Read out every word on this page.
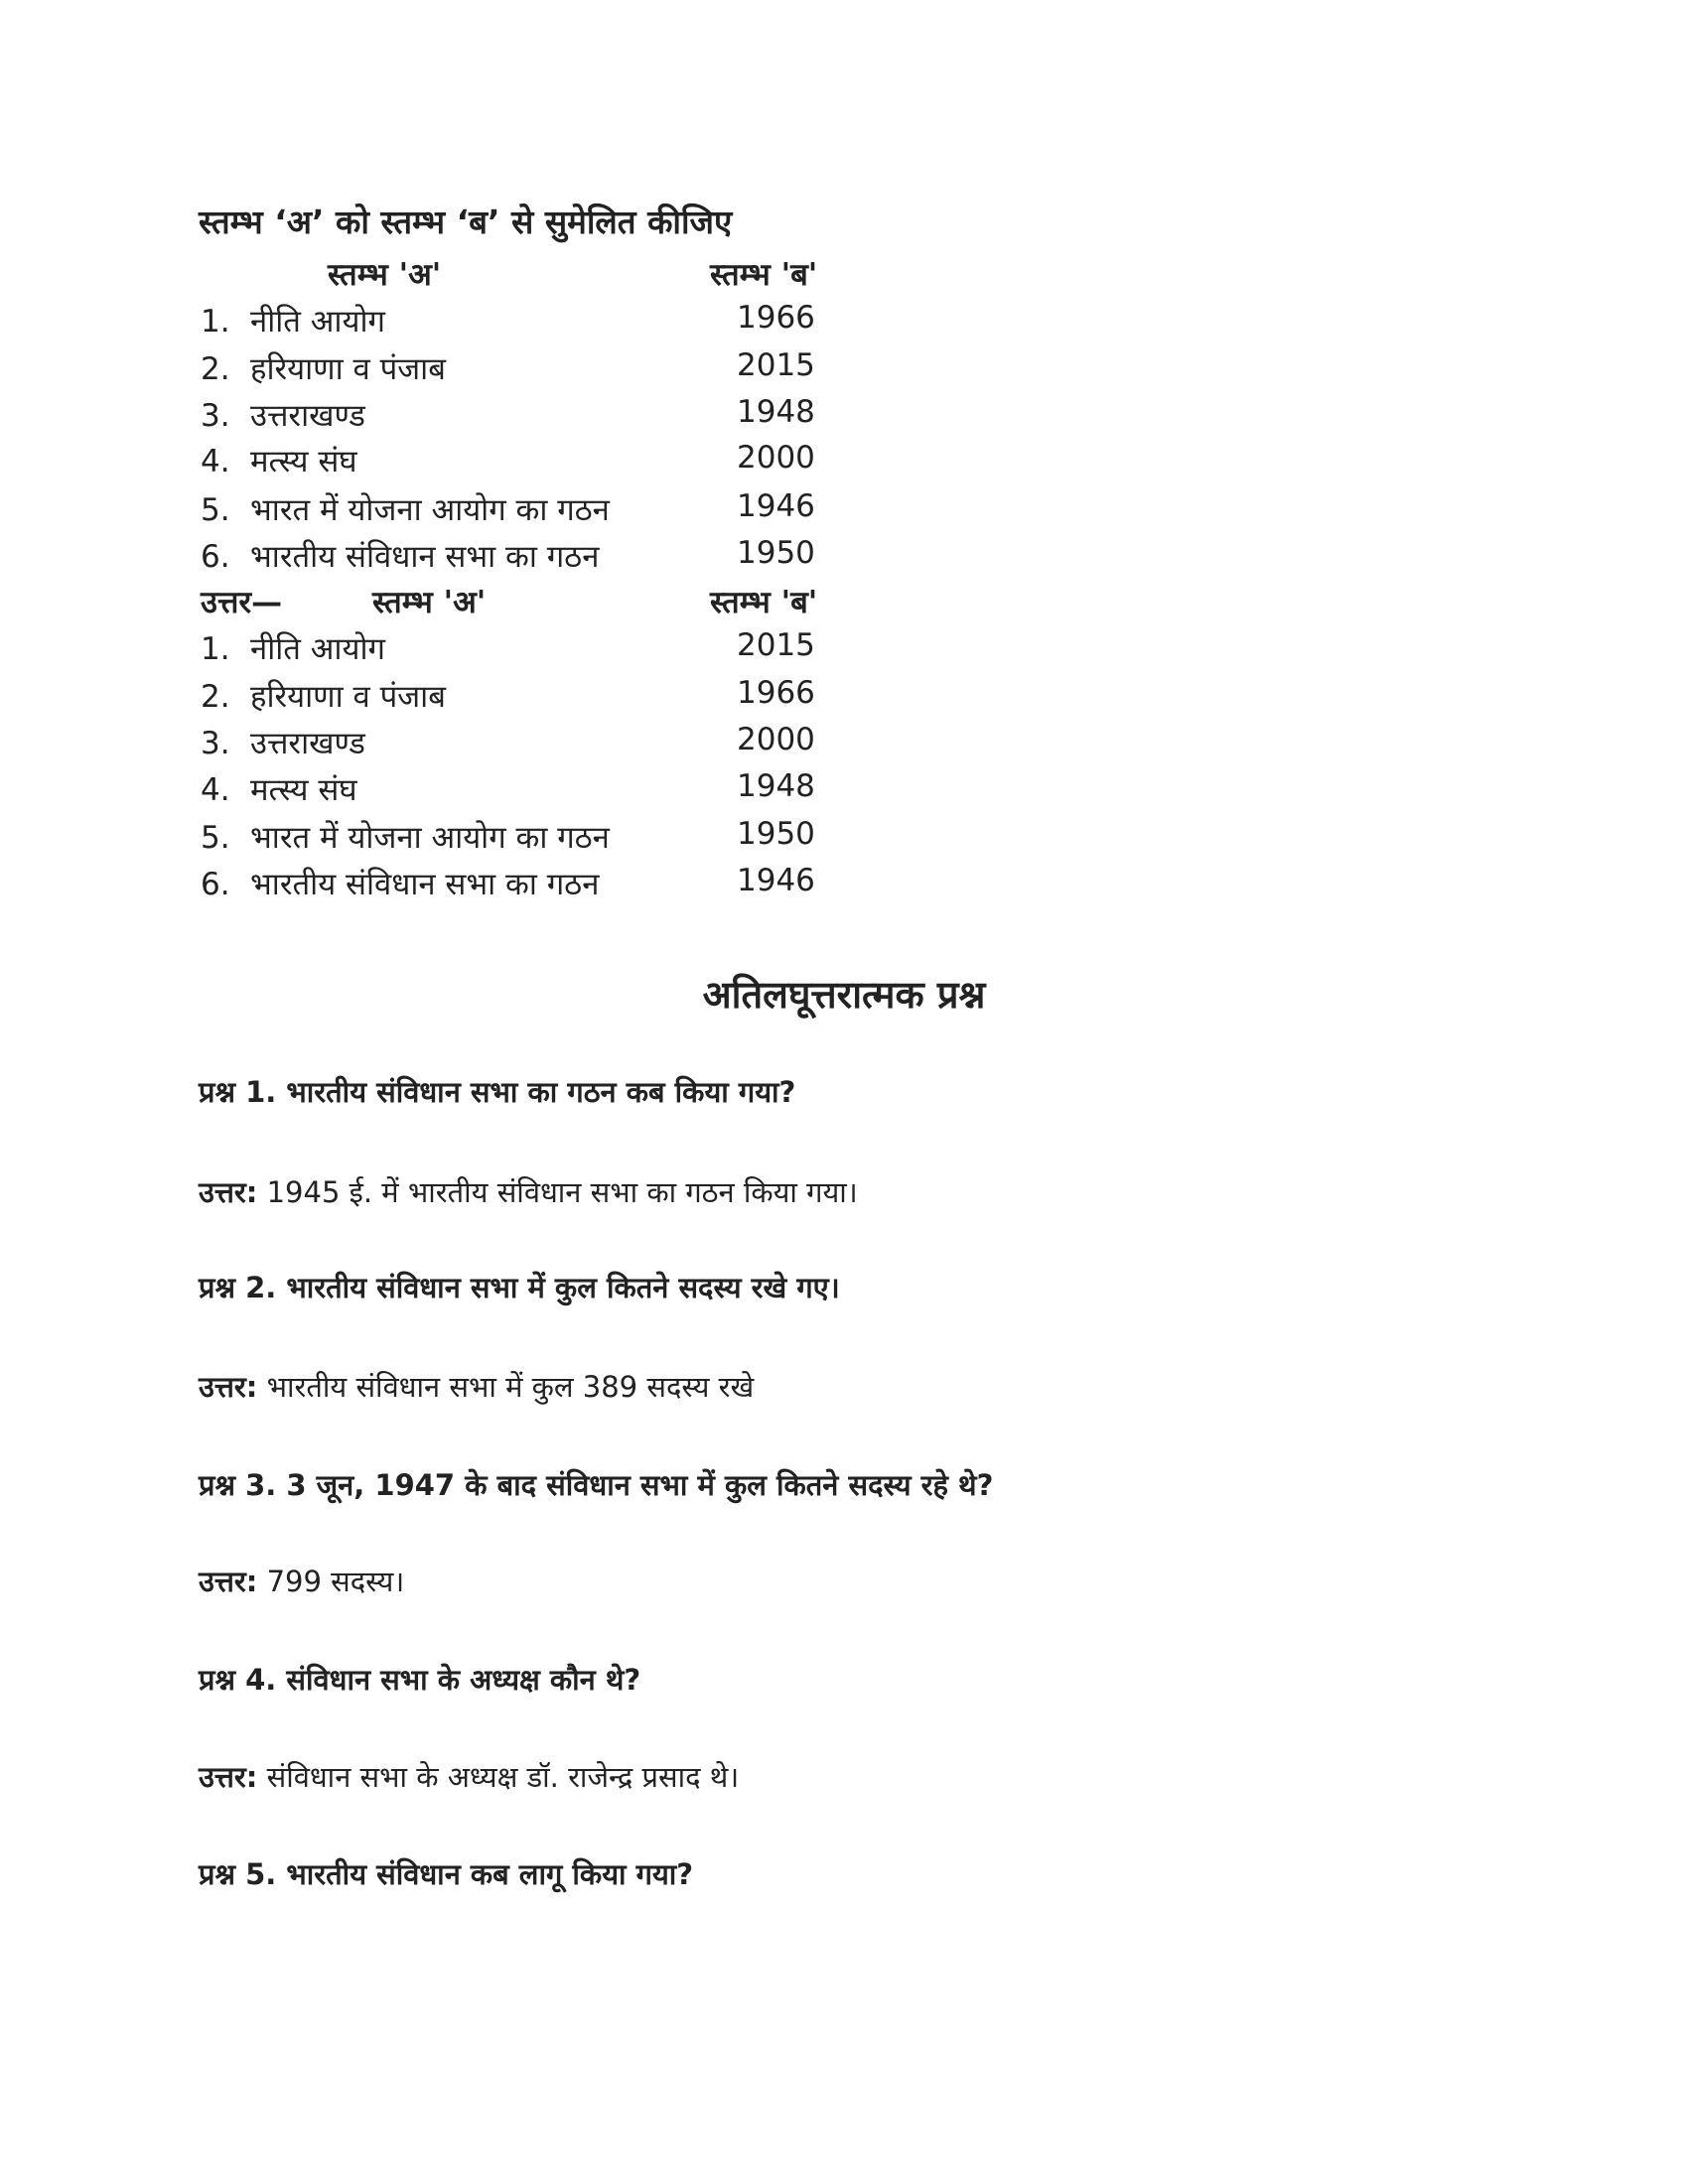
स्तम्भ ‘अ’ को स्तम्भ ‘ब’ से सुमेलित कीजिए
स्तम्भ 'अ'	स्तम्भ 'ब'
1. नीति आयोग	1966
2. हरियाणा व पंजाब	2015
3. उत्तराखण्ड	1948
4. मत्स्य संघ	2000
5. भारत में योजना आयोग का गठन	1946
6. भारतीय संविधान सभा का गठन	1950
उत्तर—	स्तम्भ 'अ'	स्तम्भ 'ब'
1. नीति आयोग	2015
2. हरियाणा व पंजाब	1966
3. उत्तराखण्ड	2000
4. मत्स्य संघ	1948
5. भारत में योजना आयोग का गठन	1950
6. भारतीय संविधान सभा का गठन	1946
अतिलघूत्तरात्मक प्रश्न
प्रश्न 1. भारतीय संविधान सभा का गठन कब किया गया?
उत्तर: 1945 ई. में भारतीय संविधान सभा का गठन किया गया।
प्रश्न 2. भारतीय संविधान सभा में कुल कितने सदस्य रखे गए।
उत्तर: भारतीय संविधान सभा में कुल 389 सदस्य रखे
प्रश्न 3. 3 जून, 1947 के बाद संविधान सभा में कुल कितने सदस्य रहे थे?
उत्तर: 799 सदस्य।
प्रश्न 4. संविधान सभा के अध्यक्ष कौन थे?
उत्तर: संविधान सभा के अध्यक्ष डॉ. राजेन्द्र प्रसाद थे।
प्रश्न 5. भारतीय संविधान कब लागू किया गया?
